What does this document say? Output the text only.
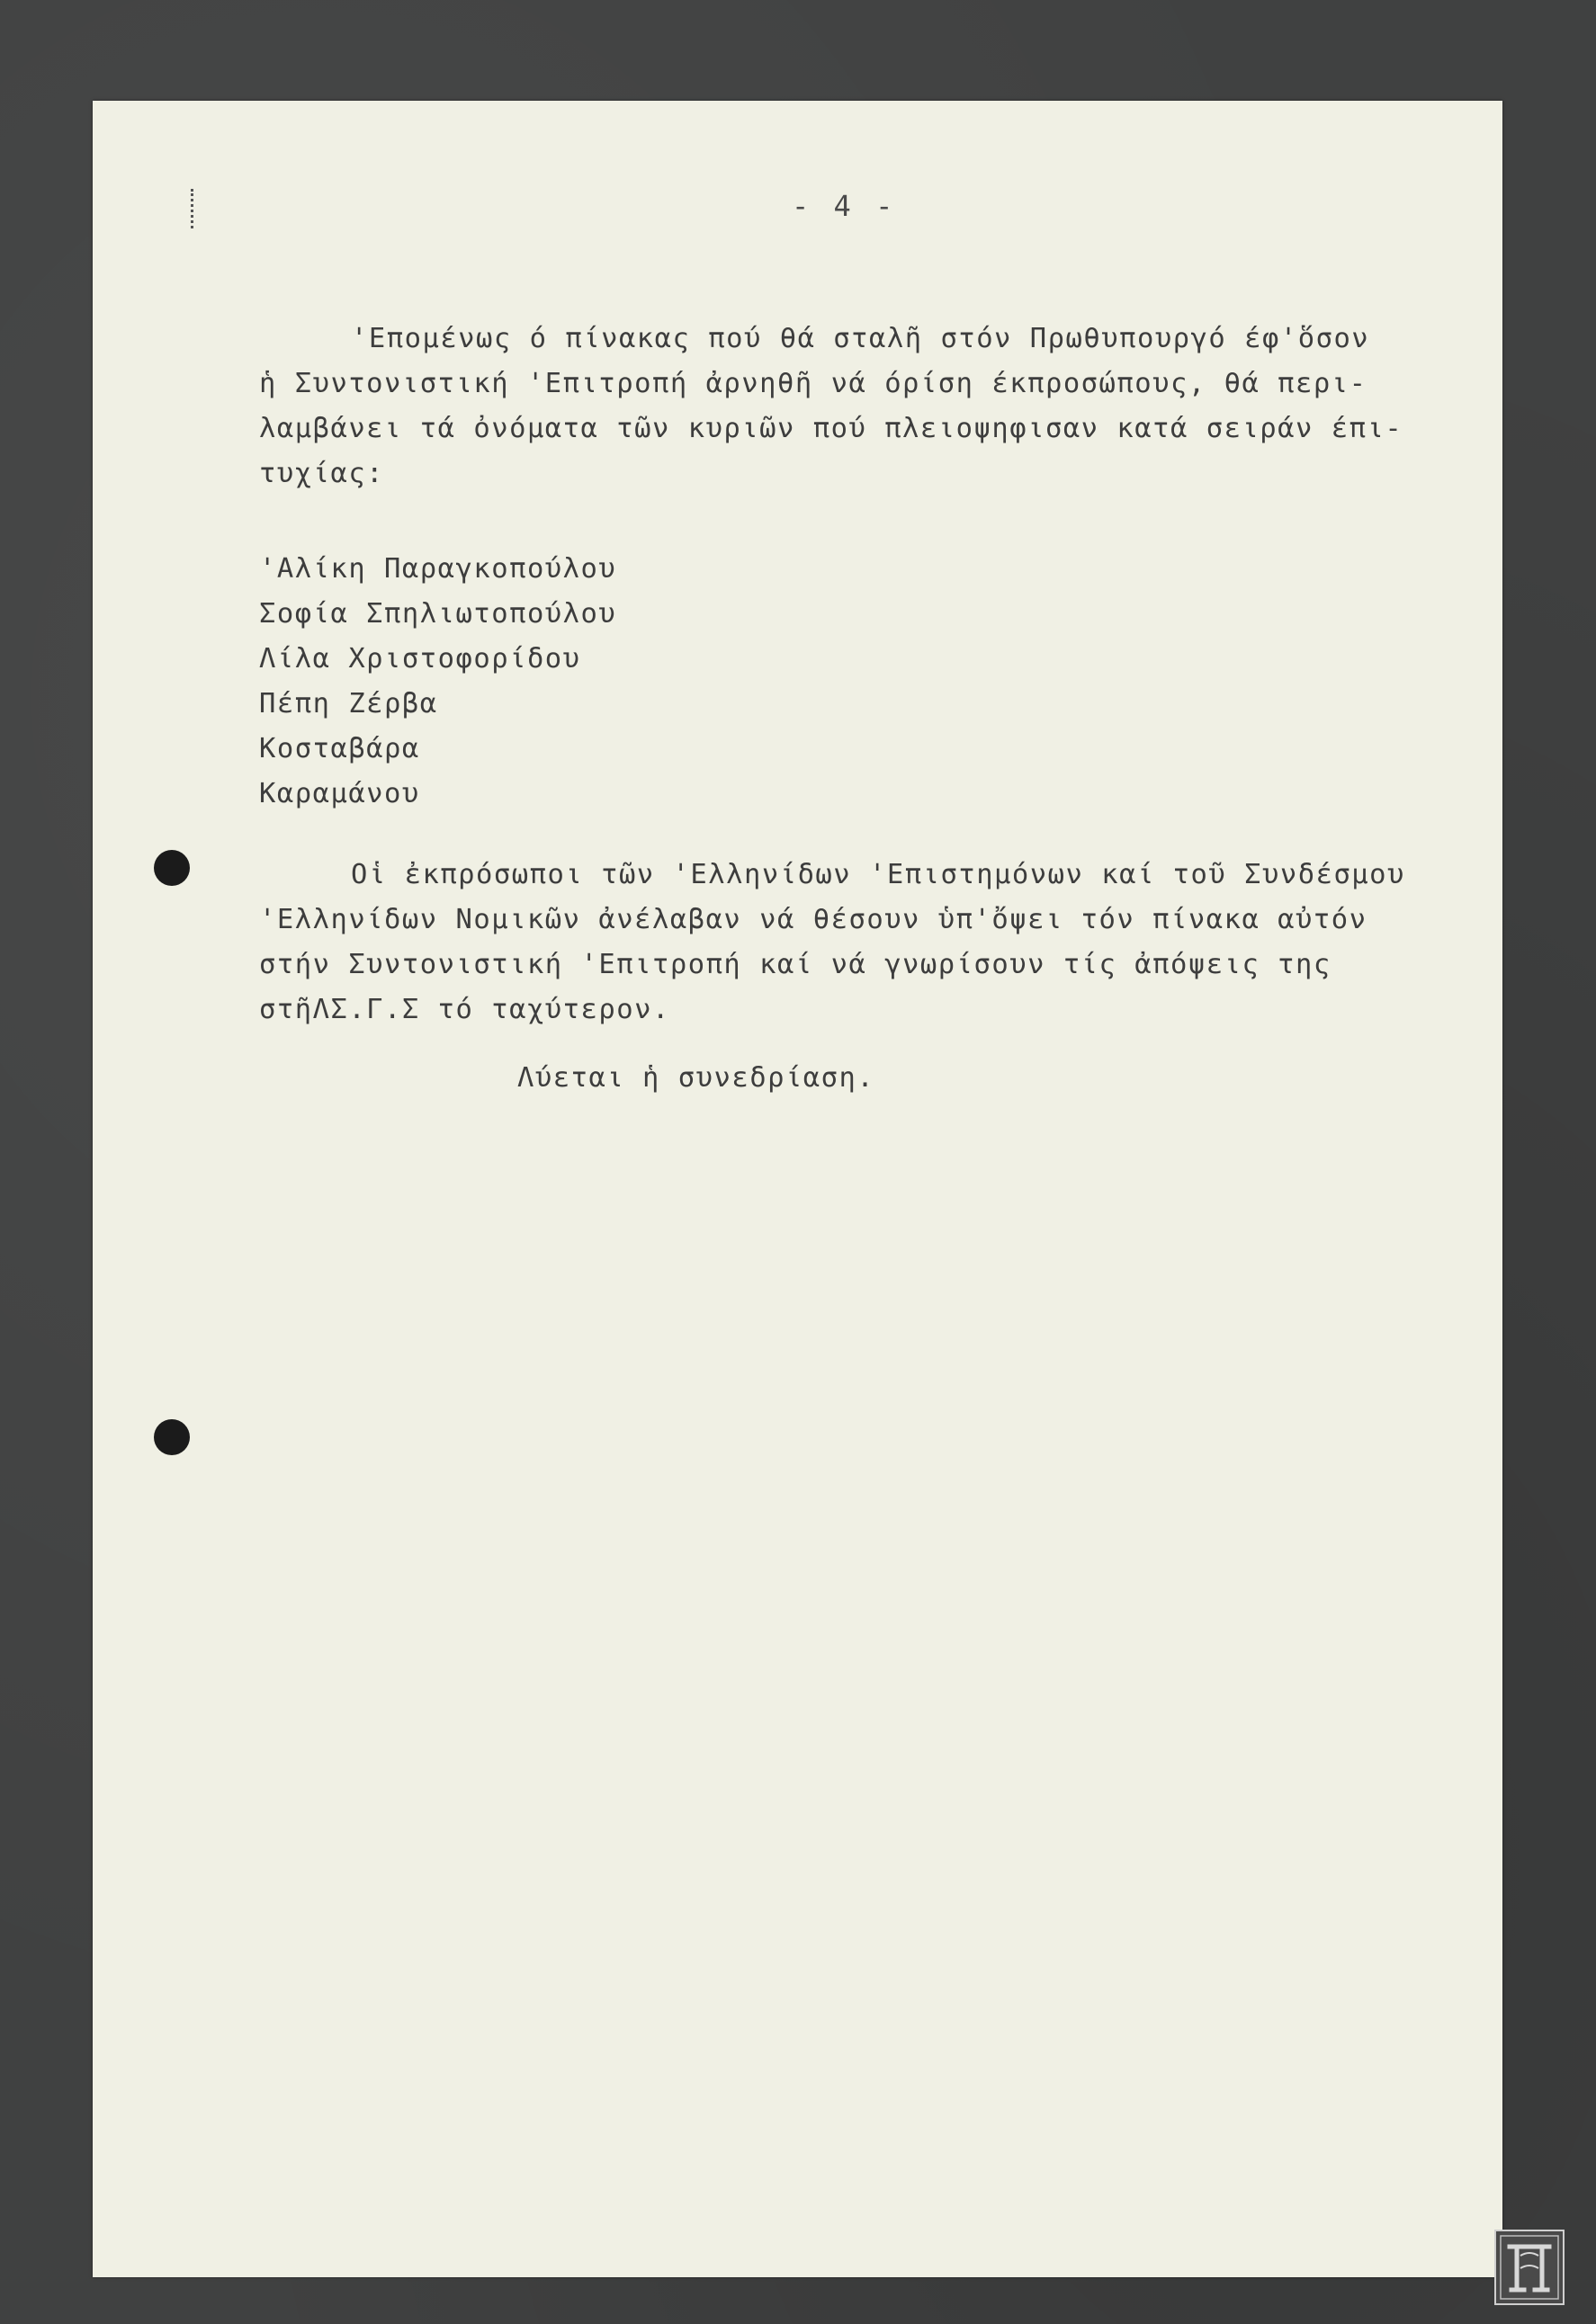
- 4 -
'Επομένως ό πίνακας πού θά σταλῆ στόν Πρωθυπουργό έφ'ὅσον
ἡ Συντονιστική 'Επιτροπή ἀρνηθῆ νά όρίση έκπροσώπους, θά περι-
λαμβάνει τά ὀνόματα τῶν κυριῶν πού πλειοψηφισαν κατά σειράν έπι-
τυχίας:
'Αλίκη Παραγκοπούλου
Σοφία Σπηλιωτοπούλου
Λίλα Χριστοφορίδου
Πέπη Ζέρβα
Κοσταβάρα
Καραμάνου
Οἱ ἐκπρόσωποι τῶν 'Ελληνίδων 'Επιστημόνων καί τοῦ Συνδέσμου
'Ελληνίδων Νομικῶν ἀνέλαβαν νά θέσουν ὑπ'ὄψει τόν πίνακα αὐτόν
στήν Συντονιστική 'Επιτροπή καί νά γνωρίσουν τίς ἀπόψεις της
στῆΛΣ.Γ.Σ τό ταχύτερον.
Λύεται ἡ συνεδρίαση.
